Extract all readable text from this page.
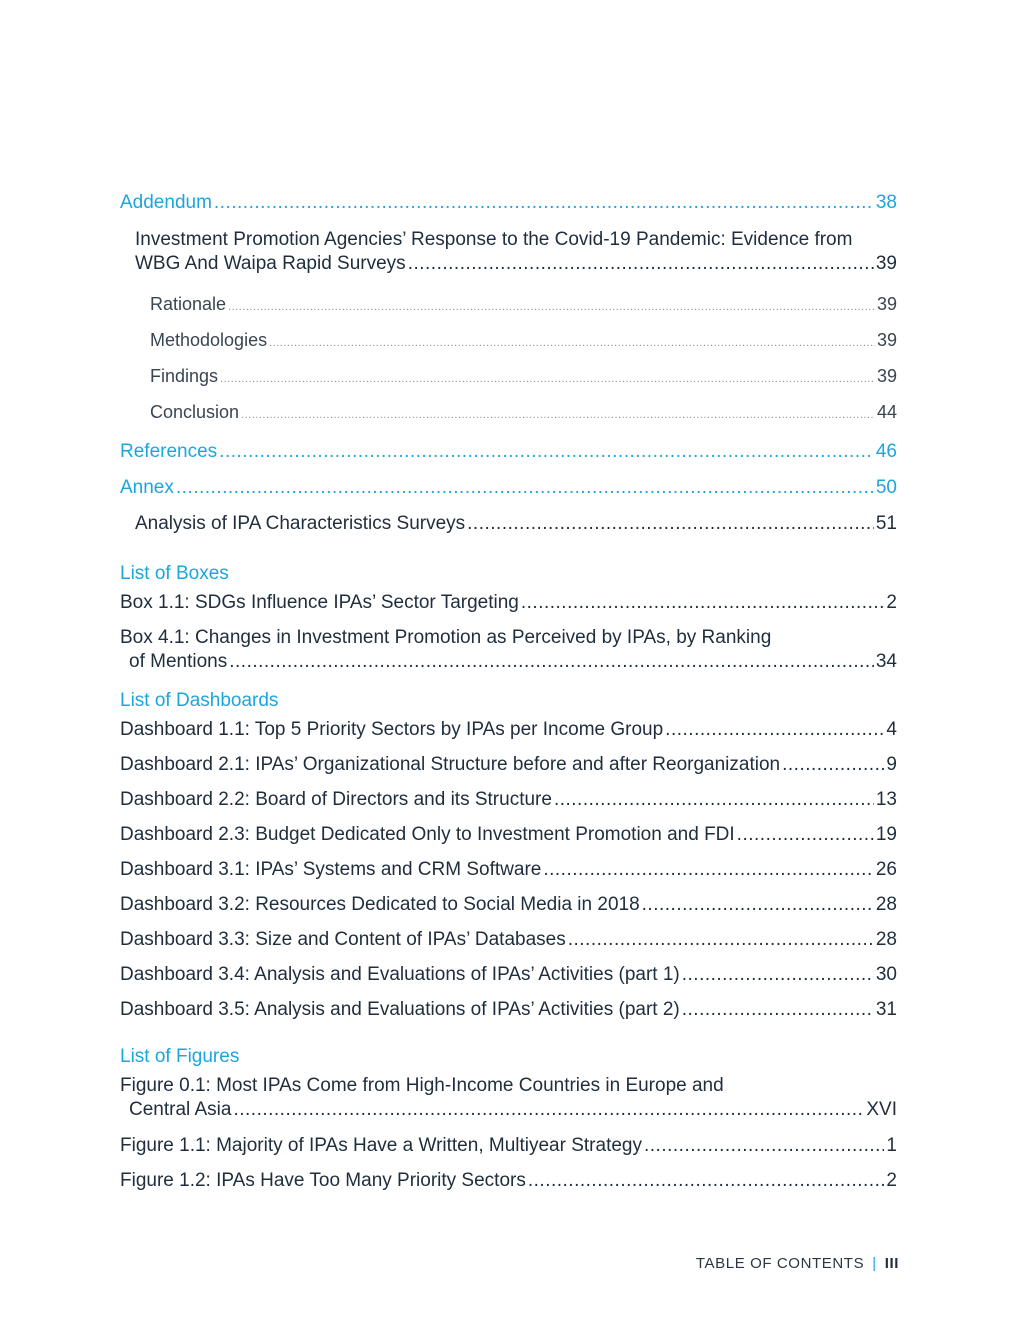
Addendum .....	38
Investment Promotion Agencies’ Response to the Covid-19 Pandemic: Evidence from
WBG And Waipa Rapid Surveys .....	39
Rationale .....	39
Methodologies .....	39
Findings .....	39
Conclusion .....	44
References .....	46
Annex .....	50
Analysis of IPA Characteristics Surveys .....	51
List of Boxes
Box 1.1: SDGs Influence IPAs’ Sector Targeting .....	2
Box 4.1: Changes in Investment Promotion as Perceived by IPAs, by Ranking
of Mentions .....	34
List of Dashboards
Dashboard 1.1: Top 5 Priority Sectors by IPAs per Income Group .....	4
Dashboard 2.1: IPAs’ Organizational Structure before and after Reorganization .....	9
Dashboard 2.2: Board of Directors and its Structure .....	13
Dashboard 2.3: Budget Dedicated Only to Investment Promotion and FDI .....	19
Dashboard 3.1: IPAs’ Systems and CRM Software .....	26
Dashboard 3.2: Resources Dedicated to Social Media in 2018 .....	28
Dashboard 3.3: Size and Content of IPAs’ Databases .....	28
Dashboard 3.4: Analysis and Evaluations of IPAs’ Activities (part 1) .....	30
Dashboard 3.5: Analysis and Evaluations of IPAs’ Activities (part 2) .....	31
List of Figures
Figure 0.1: Most IPAs Come from High-Income Countries in Europe and
Central Asia .....	XVI
Figure 1.1: Majority of IPAs Have a Written, Multiyear Strategy .....	1
Figure 1.2: IPAs Have Too Many Priority Sectors .....	2
TABLE OF CONTENTS | III
